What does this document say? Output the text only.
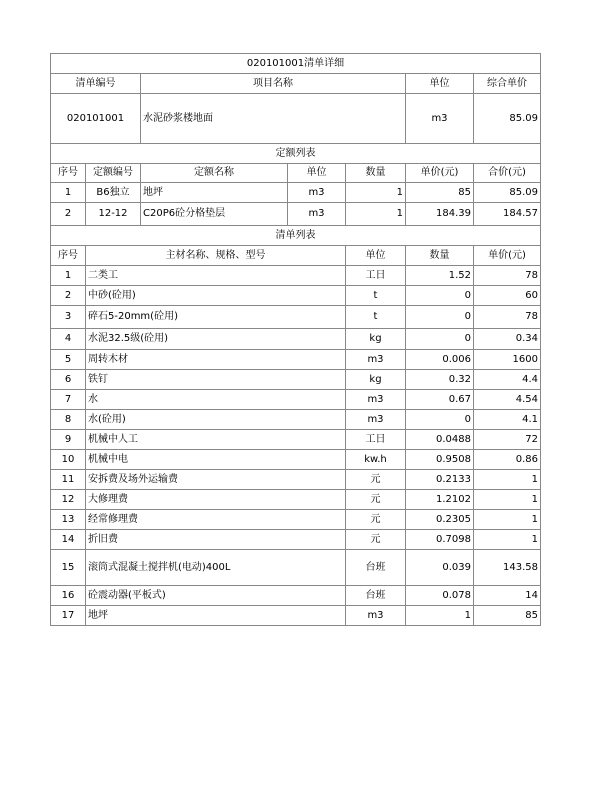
020101001清单详细							
清单编号		项目名称			单位	综合单价	
020101001		水泥砂浆楼地面			m3	85.09	
定额列表							
序号	定额编号	定额名称	单位	数量	单价(元)	合价(元)	
1	B6独立	地坪	m3	1	85	85.09	
2	12-12	C20P6砼分格垫层	m3	1	184.39	184.57	
清单列表							
序号	主材名称、规格、型号			单位	数量	单价(元)	
1	二类工			工日	1.52	78	
2	中砂(砼用)			t	0	60	
3	碎石5-20mm(砼用)			t	0	78	
4	水泥32.5级(砼用)			kg	0	0.34	
5	周转木材			m3	0.006	1600	
6	铁钉			kg	0.32	4.4	
7	水			m3	0.67	4.54	
8	水(砼用)			m3	0	4.1	
9	机械中人工			工日	0.0488	72	
10	机械中电			kw.h	0.9508	0.86	
11	安拆费及场外运输费			元	0.2133	1	
12	大修理费			元	1.2102	1	
13	经常修理费			元	0.2305	1	
14	折旧费			元	0.7098	1	
15	滚筒式混凝土搅拌机(电动)400L			台班	0.039	143.58	
16	砼震动器(平板式)			台班	0.078	14	
17	地坪			m3	1	85	
